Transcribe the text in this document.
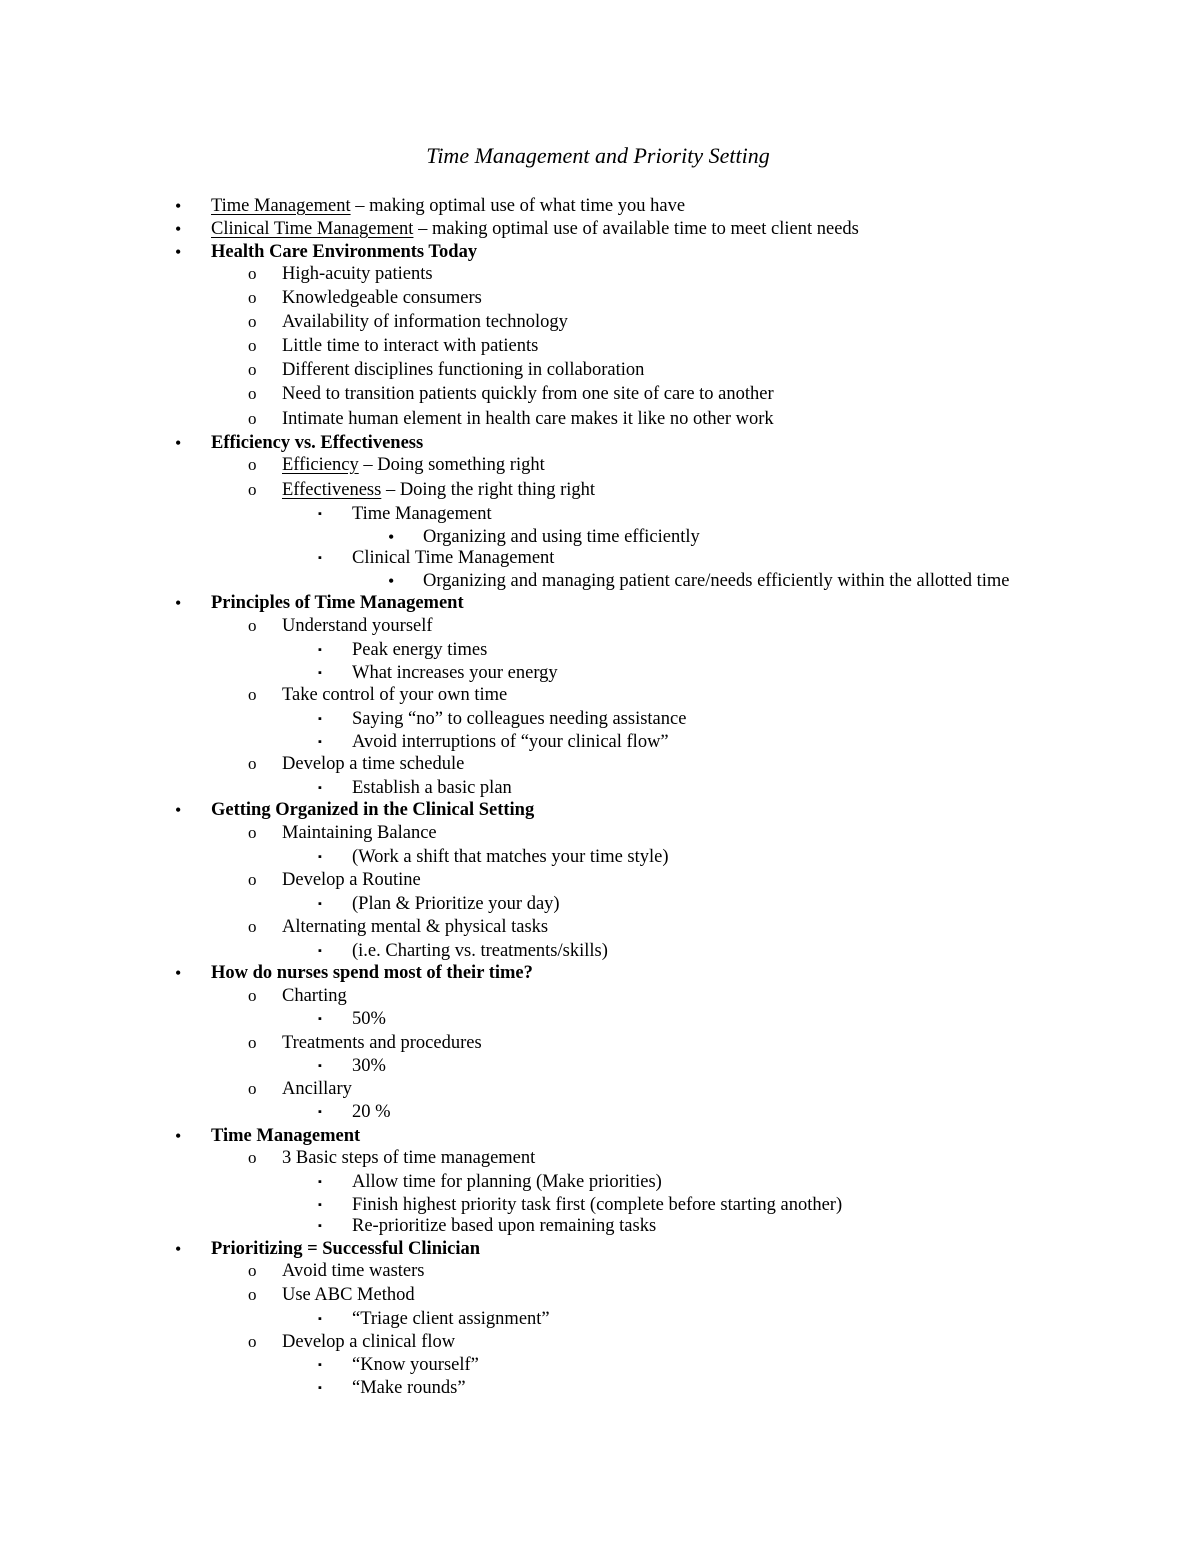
Time Management and Priority Setting
• Time Management – making optimal use of what time you have
• Clinical Time Management – making optimal use of available time to meet client needs
• Health Care Environments Today
o High-acuity patients
o Knowledgeable consumers
o Availability of information technology
o Little time to interact with patients
o Different disciplines functioning in collaboration
o Need to transition patients quickly from one site of care to another
o Intimate human element in health care makes it like no other work
• Efficiency vs. Effectiveness
o Efficiency – Doing something right
o Effectiveness – Doing the right thing right
▪ Time Management
• Organizing and using time efficiently
▪ Clinical Time Management
• Organizing and managing patient care/needs efficiently within the allotted time
• Principles of Time Management
o Understand yourself
▪ Peak energy times
▪ What increases your energy
o Take control of your own time
▪ Saying “no” to colleagues needing assistance
▪ Avoid interruptions of “your clinical flow”
o Develop a time schedule
▪ Establish a basic plan
• Getting Organized in the Clinical Setting
o Maintaining Balance
▪ (Work a shift that matches your time style)
o Develop a Routine
▪ (Plan & Prioritize your day)
o Alternating mental & physical tasks
▪ (i.e. Charting vs. treatments/skills)
• How do nurses spend most of their time?
o Charting
▪ 50%
o Treatments and procedures
▪ 30%
o Ancillary
▪ 20 %
• Time Management
o 3 Basic steps of time management
▪ Allow time for planning (Make priorities)
▪ Finish highest priority task first (complete before starting another)
▪ Re-prioritize based upon remaining tasks
• Prioritizing = Successful Clinician
o Avoid time wasters
o Use ABC Method
▪ “Triage client assignment”
o Develop a clinical flow
▪ “Know yourself”
▪ “Make rounds”
